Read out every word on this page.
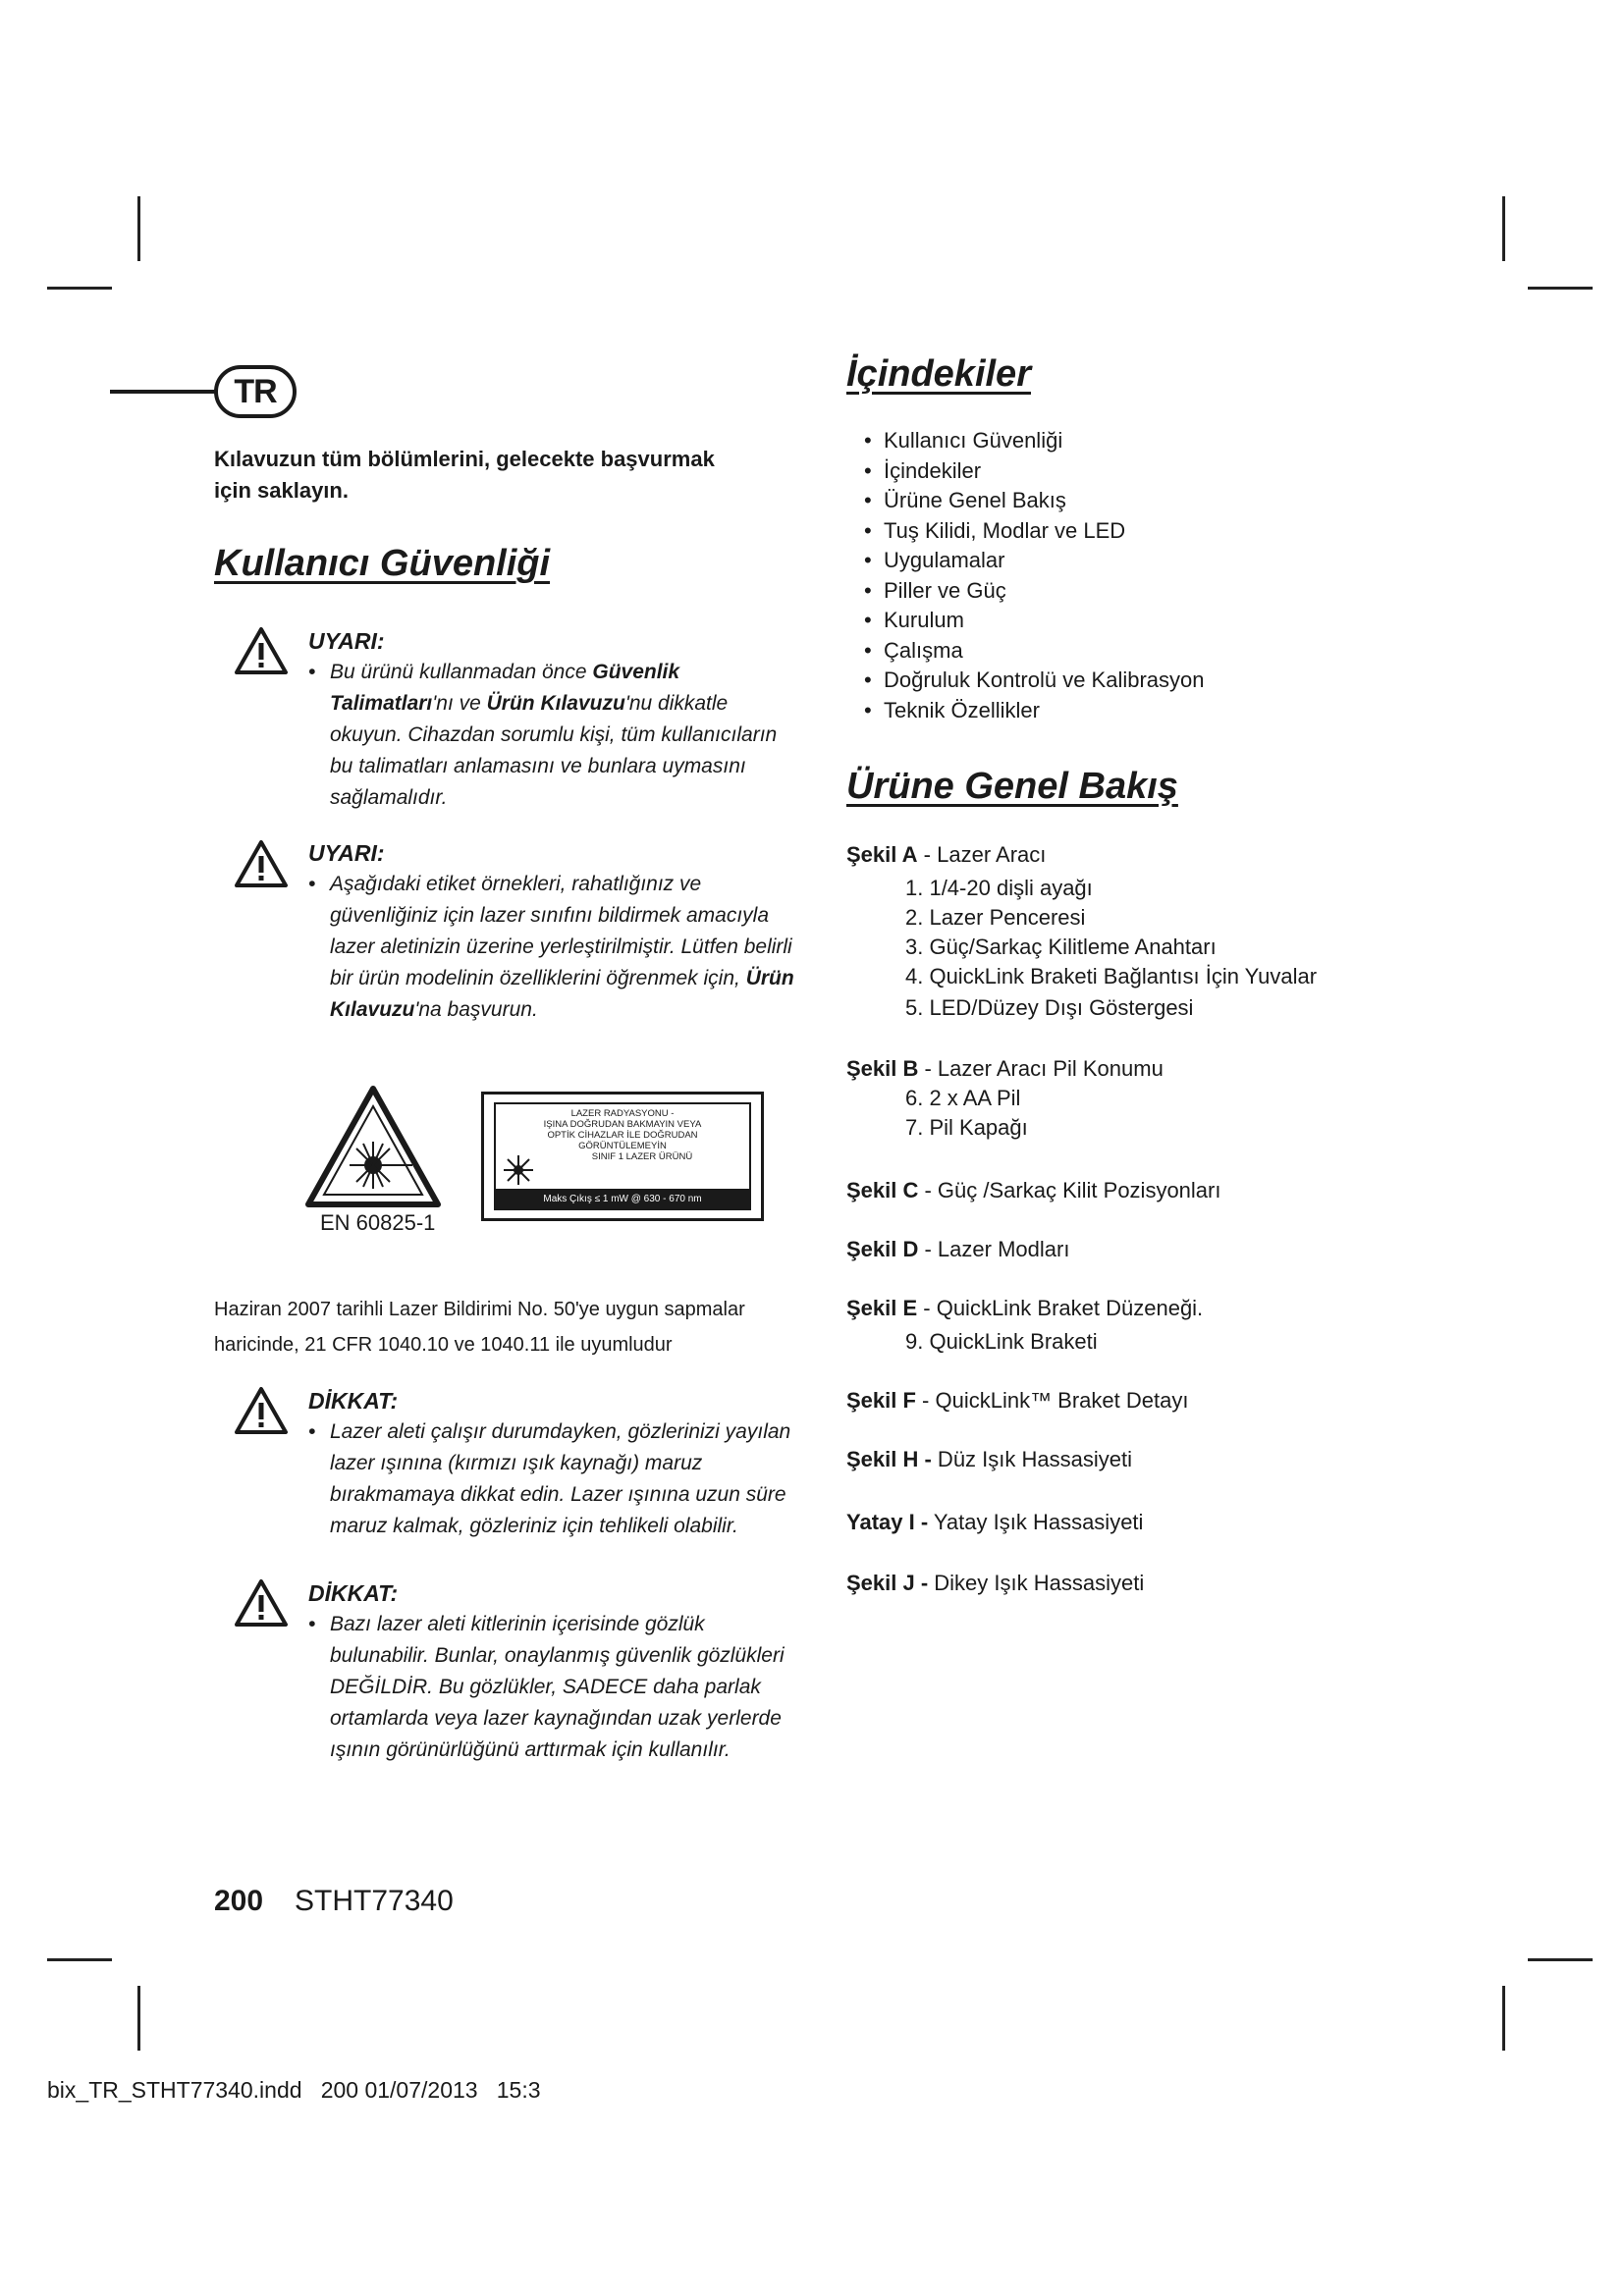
TR
Kılavuzun tüm bölümlerini, gelecekte başvurmak için saklayın.
Kullanıcı Güvenliği
UYARI:
• Bu ürünü kullanmadan önce Güvenlik Talimatları'nı ve Ürün Kılavuzu'nu dikkatle okuyun. Cihazdan sorumlu kişi, tüm kullanıcıların bu talimatları anlamasını ve bunlara uymasını sağlamalıdır.
UYARI:
• Aşağıdaki etiket örnekleri, rahatlığınız ve güvenliğiniz için lazer sınıfını bildirmek amacıyla lazer aletinizin üzerine yerleştirilmiştir. Lütfen belirli bir ürün modelinin özelliklerini öğrenmek için, Ürün Kılavuzu'na başvurun.
EN 60825-1
LAZER RADYASYONU -
IŞINA DOĞRUDAN BAKMAYIN VEYA
OPTİK CİHAZLAR İLE DOĞRUDAN
GÖRÜNTÜLEMEYİN
SINIF 1 LAZER ÜRÜNÜ
Maks Çıkış ≤ 1 mW @ 630 - 670 nm
Haziran 2007 tarihli Lazer Bildirimi No. 50'ye uygun sapmalar haricinde, 21 CFR 1040.10 ve 1040.11 ile uyumludur
DİKKAT:
• Lazer aleti çalışır durumdayken, gözlerinizi yayılan lazer ışınına (kırmızı ışık kaynağı) maruz bırakmamaya dikkat edin. Lazer ışınına uzun süre maruz kalmak, gözleriniz için tehlikeli olabilir.
DİKKAT:
• Bazı lazer aleti kitlerinin içerisinde gözlük bulunabilir. Bunlar, onaylanmış güvenlik gözlükleri DEĞİLDİR. Bu gözlükler, SADECE daha parlak ortamlarda veya lazer kaynağından uzak yerlerde ışının görünürlüğünü arttırmak için kullanılır.
İçindekiler
• Kullanıcı Güvenliği
• İçindekiler
• Ürüne Genel Bakış
• Tuş Kilidi, Modlar ve LED
• Uygulamalar
• Piller ve Güç
• Kurulum
• Çalışma
• Doğruluk Kontrolü ve Kalibrasyon
• Teknik Özellikler
Ürüne Genel Bakış
Şekil A - Lazer Aracı
1. 1/4-20 dişli ayağı
2. Lazer Penceresi
3. Güç/Sarkaç Kilitleme Anahtarı
4. QuickLink Braketi Bağlantısı İçin Yuvalar
5. LED/Düzey Dışı Göstergesi
Şekil B - Lazer Aracı Pil Konumu
6. 2 x AA Pil
7. Pil Kapağı
Şekil C - Güç /Sarkaç Kilit Pozisyonları
Şekil D - Lazer Modları
Şekil E - QuickLink Braket Düzeneği.
9. QuickLink Braketi
Şekil F - QuickLink™ Braket Detayı
Şekil H - Düz Işık Hassasiyeti
Yatay I - Yatay Işık Hassasiyeti
Şekil J - Dikey Işık Hassasiyeti
200 STHT77340
bix_TR_STHT77340.indd   200 01/07/2013   15:3
